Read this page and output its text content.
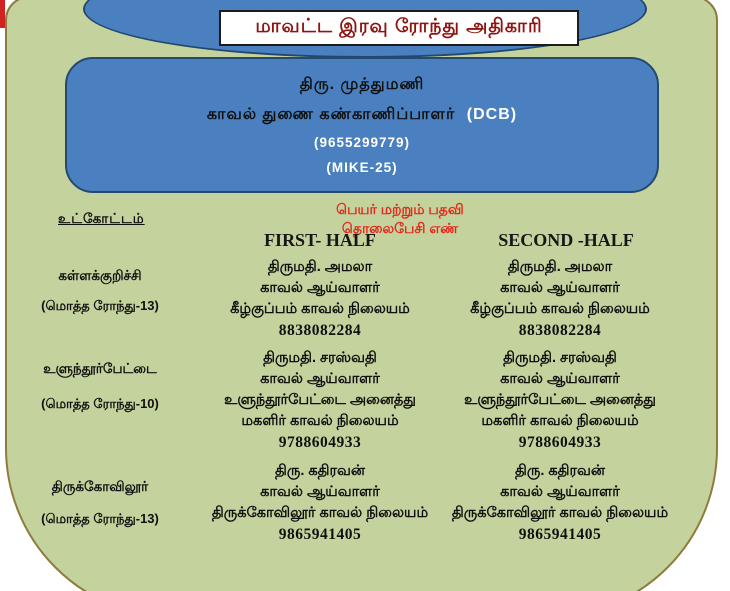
மாவட்ட இரவு ரோந்து அதிகாரி
திரு. முத்துமணி
காவல் துணை கண்காணிப்பாளர் (DCB)
(9655299779)
(MIKE-25)
உட்கோட்டம்
பெயர் மற்றும் பதவி தொலைபேசி எண்
FIRST- HALF	SECOND -HALF
கள்ளக்குறிச்சி
(மொத்த ரோந்து-13)
திருமதி. அமலா
காவல் ஆய்வாளர்
கீழ்குப்பம் காவல் நிலையம்
8838082284
திருமதி. அமலா
காவல் ஆய்வாளர்
கீழ்குப்பம் காவல் நிலையம்
8838082284
உளுந்தூர்பேட்டை
(மொத்த ரோந்து-10)
திருமதி. சரஸ்வதி
காவல் ஆய்வாளர்
உளுந்தூர்பேட்டை அனைத்து
மகளிர் காவல் நிலையம்
9788604933
திருமதி. சரஸ்வதி
காவல் ஆய்வாளர்
உளுந்தூர்பேட்டை அனைத்து
மகளிர் காவல் நிலையம்
9788604933
திருக்கோவிலூர்
(மொத்த ரோந்து-13)
திரு. கதிரவன்
காவல் ஆய்வாளர்
திருக்கோவிலூர் காவல் நிலையம்
9865941405
திரு. கதிரவன்
காவல் ஆய்வாளர்
திருக்கோவிலூர் காவல் நிலையம்
9865941405
